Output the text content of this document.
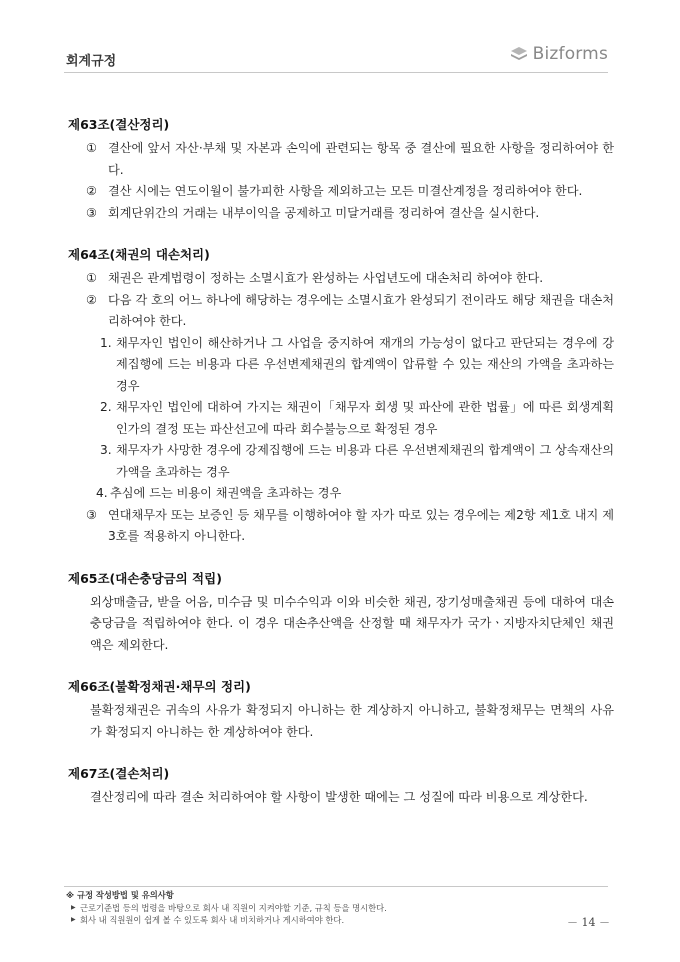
회계규정	Bizforms
제63조(결산정리)
① 결산에 앞서 자산·부채 및 자본과 손익에 관련되는 항목 중 결산에 필요한 사항을 정리하여야 한다.
② 결산 시에는 연도이월이 불가피한 사항을 제외하고는 모든 미결산계정을 정리하여야 한다.
③ 회계단위간의 거래는 내부이익을 공제하고 미달거래를 정리하여 결산을 실시한다.
제64조(채권의 대손처리)
① 채권은 관계법령이 정하는 소멸시효가 완성하는 사업년도에 대손처리 하여야 한다.
② 다음 각 호의 어느 하나에 해당하는 경우에는 소멸시효가 완성되기 전이라도 해당 채권을 대손처리하여야 한다.
1. 채무자인 법인이 해산하거나 그 사업을 중지하여 재개의 가능성이 없다고 판단되는 경우에 강제집행에 드는 비용과 다른 우선변제채권의 합계액이 압류할 수 있는 재산의 가액을 초과하는 경우
2. 채무자인 법인에 대하여 가지는 채권이「채무자 회생 및 파산에 관한 법률」에 따른 회생계획인가의 결정 또는 파산선고에 따라 회수불능으로 확정된 경우
3. 채무자가 사망한 경우에 강제집행에 드는 비용과 다른 우선변제채권의 합계액이 그 상속재산의 가액을 초과하는 경우
4. 추심에 드는 비용이 채권액을 초과하는 경우
③ 연대채무자 또는 보증인 등 채무를 이행하여야 할 자가 따로 있는 경우에는 제2항 제1호 내지 제3호를 적용하지 아니한다.
제65조(대손충당금의 적립)
외상매출금, 받을 어음, 미수금 및 미수수익과 이와 비슷한 채권, 장기성매출채권 등에 대하여 대손충당금을 적립하여야 한다. 이 경우 대손추산액을 산정할 때 채무자가 국가ㆍ지방자치단체인 채권액은 제외한다.
제66조(불확정채권·채무의 정리)
불확정채권은 귀속의 사유가 확정되지 아니하는 한 계상하지 아니하고, 불확정채무는 면책의 사유가 확정되지 아니하는 한 계상하여야 한다.
제67조(결손처리)
결산정리에 따라 결손 처리하여야 할 사항이 발생한 때에는 그 성질에 따라 비용으로 계상한다.
※ 규정 작성방법 및 유의사항
▶ 근로기준법 등의 법령을 바탕으로 회사 내 직원이 지켜야할 기준, 규칙 등을 명시한다.
▶ 회사 내 직원원이 쉽게 볼 수 있도록 회사 내 비치하거나 게시하여야 한다.	－ 14 －
